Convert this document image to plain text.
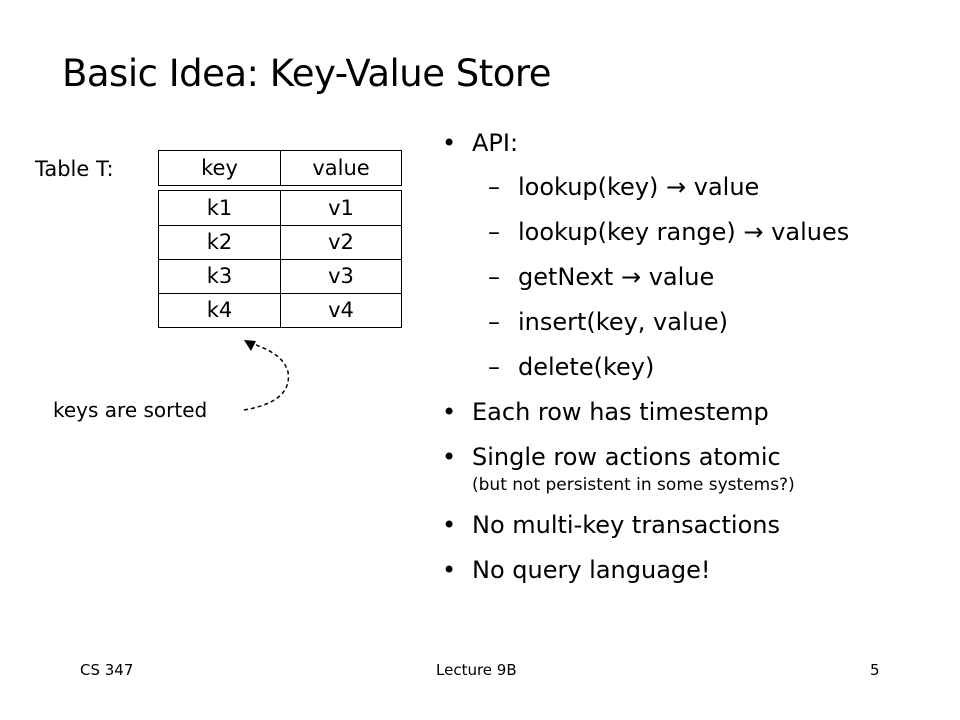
Basic Idea: Key-Value Store
Table T:	key	value
k1	v1
k2	v2
k3	v3
k4	v4
keys are sorted
• API:
– lookup(key) → value
– lookup(key range) → values
– getNext → value
– insert(key, value)
– delete(key)
• Each row has timestemp
• Single row actions atomic
(but not persistent in some systems?)
• No multi-key transactions
• No query language!
CS 347	Lecture 9B	5
